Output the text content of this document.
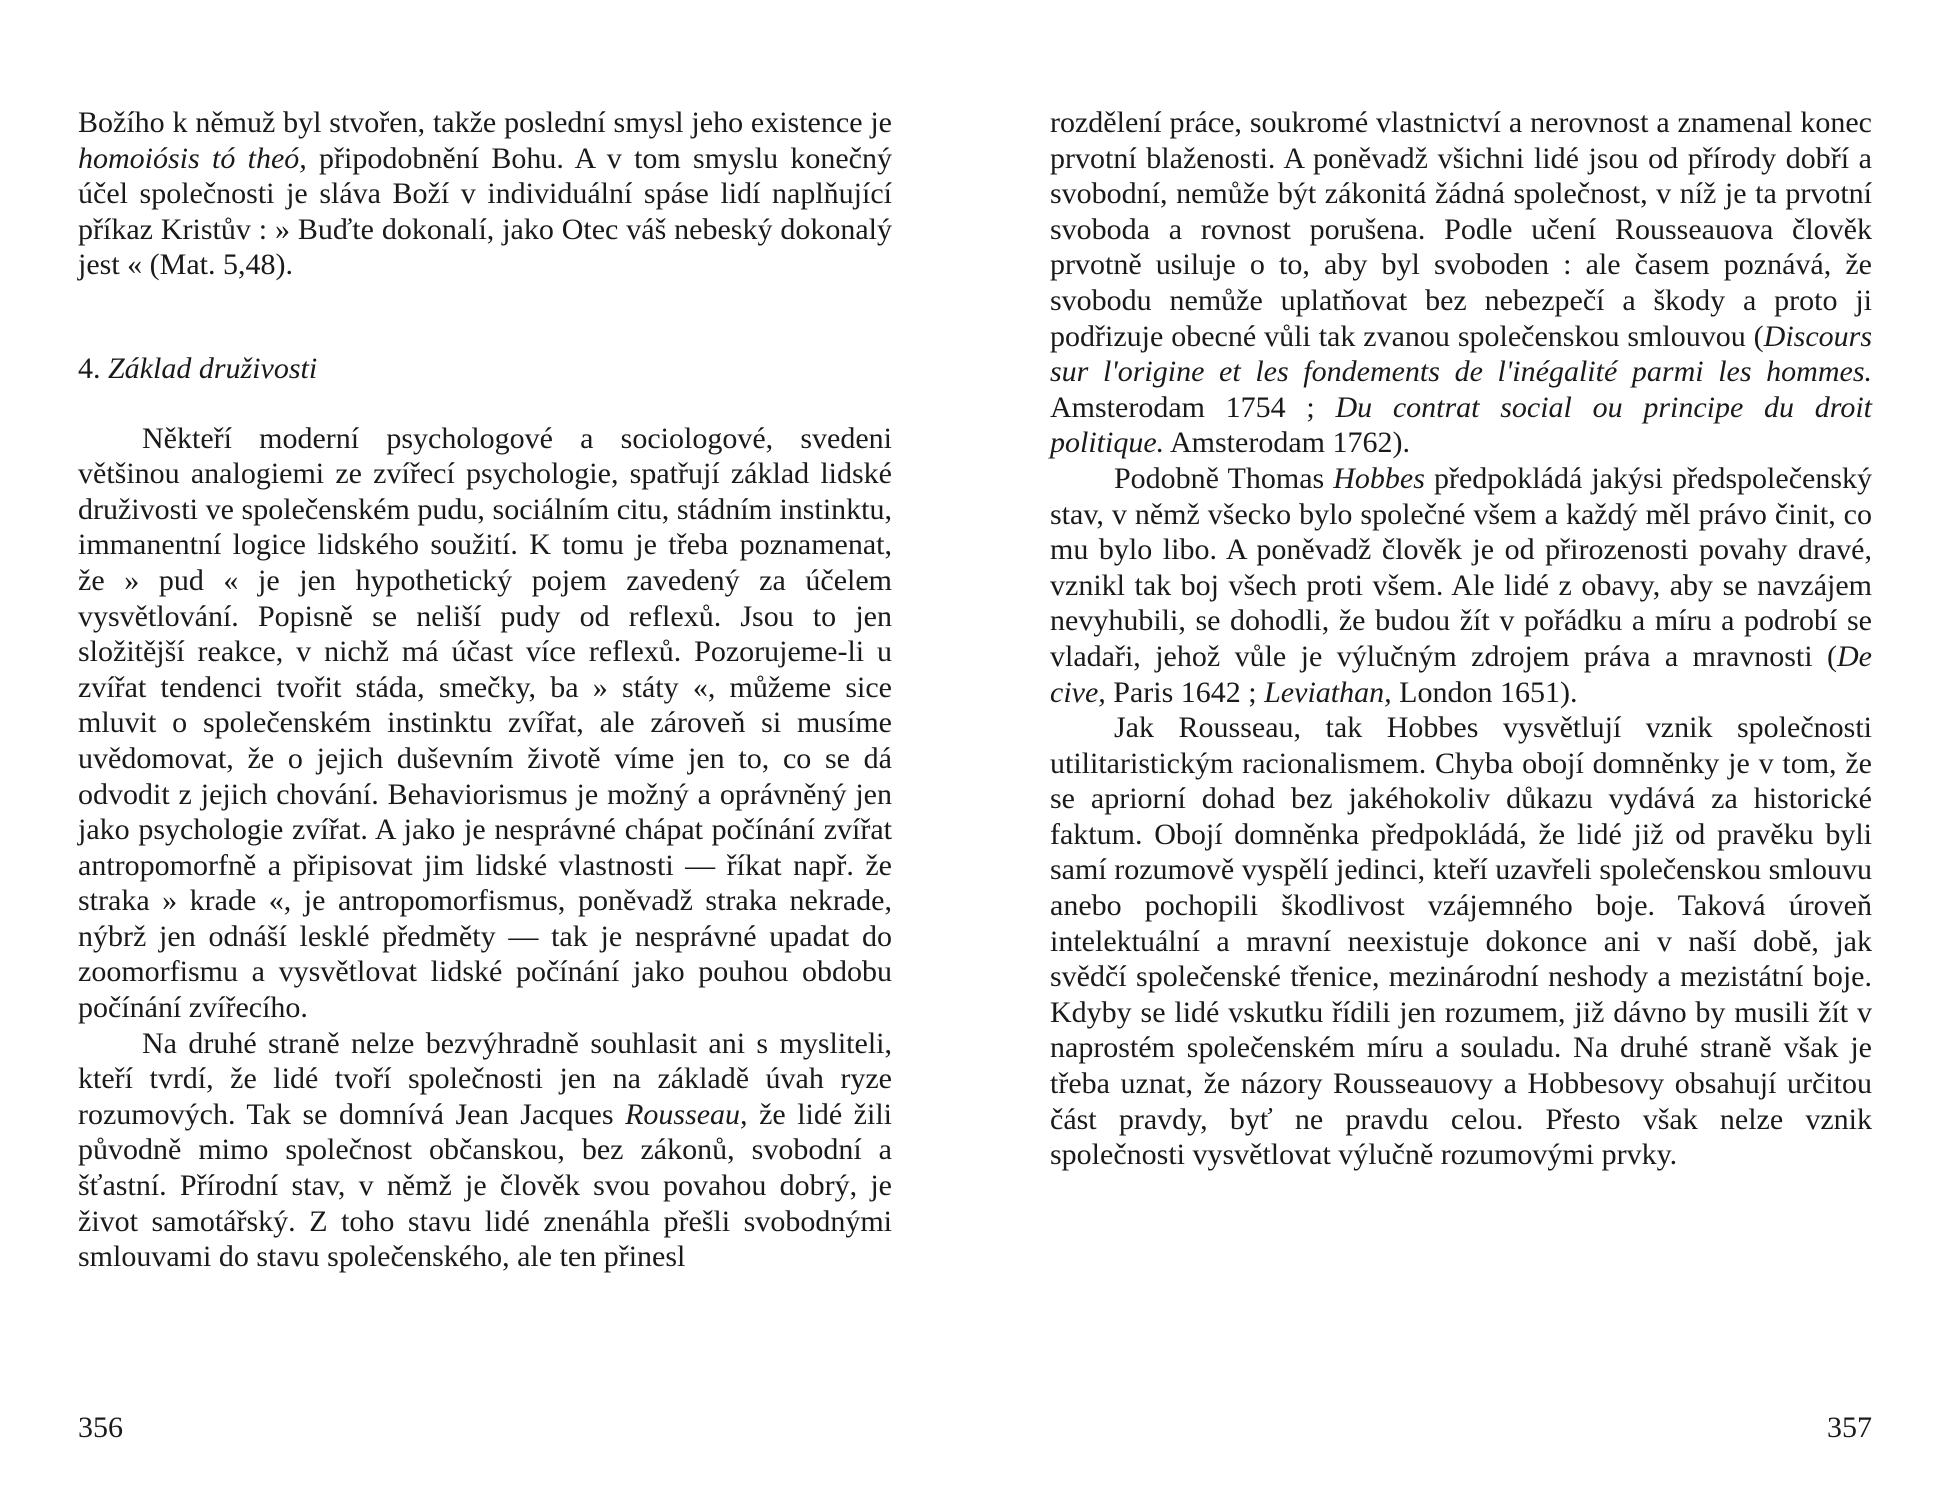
Božího k němuž byl stvořen, takže poslední smysl jeho existence je homoiósis tó theó, připodobnění Bohu. A v tom smyslu konečný účel společnosti je sláva Boží v individuální spáse lidí naplňující příkaz Kristův : » Buďte dokonalí, jako Otec váš nebeský dokonalý jest « (Mat. 5,48).

4. Základ druživosti

Někteří moderní psychologové a sociologové, svedeni většinou analogiemi ze zvířecí psychologie, spatřují základ lidské druživosti ve společenském pudu, sociálním citu, stádním instinktu, immanentní logice lidského soužití. K tomu je třeba poznamenat, že » pud « je jen hypothetický pojem zavedený za účelem vysvětlování. Popisně se neliší pudy od reflexů. Jsou to jen složitější reakce, v nichž má účast více reflexů. Pozorujeme-li u zvířat tendenci tvořit stáda, smečky, ba » státy «, můžeme sice mluvit o společenském instinktu zvířat, ale zároveň si musíme uvědomovat, že o jejich duševním životě víme jen to, co se dá odvodit z jejich chování. Behaviorismus je možný a oprávněný jen jako psychologie zvířat. A jako je nesprávné chápat počínání zvířat antropomorfně a připisovat jim lidské vlastnosti — říkat např. že straka » krade «, je antropomorfismus, poněvadž straka nekrade, nýbrž jen odnáší lesklé předměty — tak je nesprávné upadat do zoomorfismu a vysvětlovat lidské počínání jako pouhou obdobu počínání zvířecího.

Na druhé straně nelze bezvýhradně souhlasit ani s mysliteli, kteří tvrdí, že lidé tvoří společnosti jen na základě úvah ryze rozumových. Tak se domnívá Jean Jacques Rousseau, že lidé žili původně mimo společnost občanskou, bez zákonů, svobodní a šťastní. Přírodní stav, v němž je člověk svou povahou dobrý, je život samotářský. Z toho stavu lidé znenáhla přešli svobodnými smlouvami do stavu společenského, ale ten přinesl

rozdělení práce, soukromé vlastnictví a nerovnost a znamenal konec prvotní blaženosti. A poněvadž všichni lidé jsou od přírody dobří a svobodní, nemůže být zákonitá žádná společnost, v níž je ta prvotní svoboda a rovnost porušena. Podle učení Rousseauova člověk prvotně usiluje o to, aby byl svoboden : ale časem poznává, že svobodu nemůže uplatňovat bez nebezpečí a škody a proto ji podřizuje obecné vůli tak zvanou společenskou smlouvou (Discours sur l'origine et les fondements de l'inégalité parmi les hommes. Amsterodam 1754 ; Du contrat social ou principe du droit politique. Amsterodam 1762).

Podobně Thomas Hobbes předpokládá jakýsi předspolečenský stav, v němž všecko bylo společné všem a každý měl právo činit, co mu bylo libo. A poněvadž člověk je od přirozenosti povahy dravé, vznikl tak boj všech proti všem. Ale lidé z obavy, aby se navzájem nevyhubili, se dohodli, že budou žít v pořádku a míru a podrobí se vladaři, jehož vůle je výlučným zdrojem práva a mravnosti (De cive, Paris 1642 ; Leviathan, London 1651).

Jak Rousseau, tak Hobbes vysvětlují vznik společnosti utilitaristickým racionalismem. Chyba obojí domněnky je v tom, že se apriorní dohad bez jakéhokoliv důkazu vydává za historické faktum. Obojí domněnka předpokládá, že lidé již od pravěku byli samí rozumově vyspělí jedinci, kteří uzavřeli společenskou smlouvu anebo pochopili škodlivost vzájemného boje. Taková úroveň intelektuální a mravní neexistuje dokonce ani v naší době, jak svědčí společenské třenice, mezinárodní neshody a mezistátní boje. Kdyby se lidé vskutku řídili jen rozumem, již dávno by musili žít v naprostém společenském míru a souladu. Na druhé straně však je třeba uznat, že názory Rousseauovy a Hobbesovy obsahují určitou část pravdy, byť ne pravdu celou. Přesto však nelze vznik společnosti vysvětlovat výlučně rozumovými prvky.

356	357
